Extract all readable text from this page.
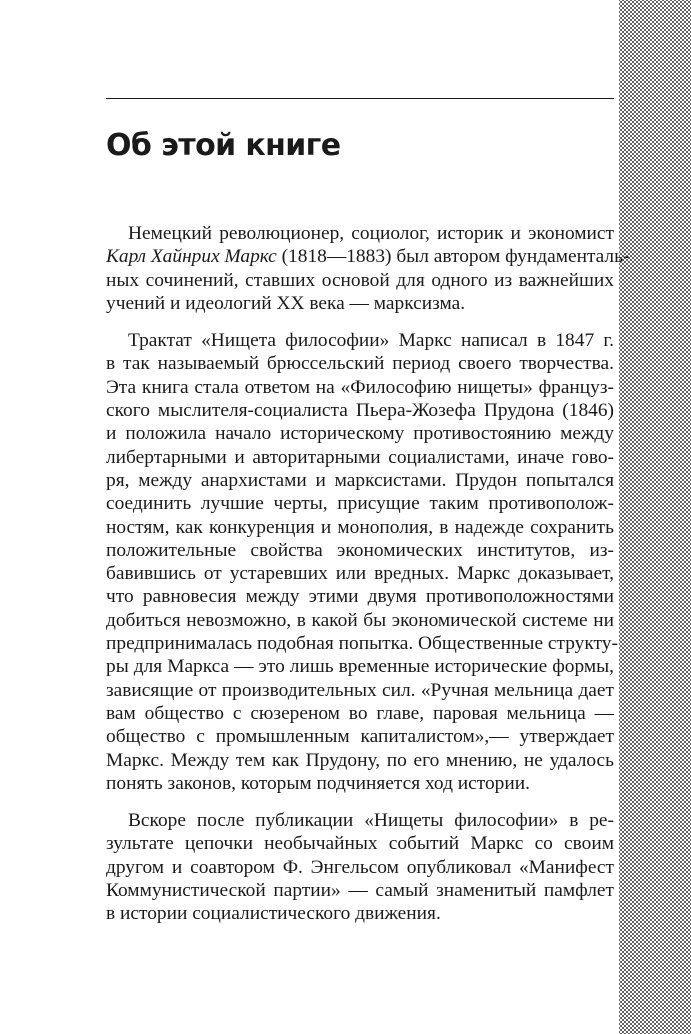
Об этой книге
Немецкий революционер, социолог, историк и экономист
Карл Хайнрих Маркс (1818—1883) был автором фундаменталь-
ных сочинений, ставших основой для одного из важнейших
учений и идеологий XX века — марксизма.
Трактат «Нищета философии» Маркс написал в 1847 г.
в так называемый брюссельский период своего творчества.
Эта книга стала ответом на «Философию нищеты» француз-
ского мыслителя-социалиста Пьера-Жозефа Прудона (1846)
и положила начало историческому противостоянию между
либертарными и авторитарными социалистами, иначе гово-
ря, между анархистами и марксистами. Прудон попытался
соединить лучшие черты, присущие таким противополож-
ностям, как конкуренция и монополия, в надежде сохранить
положительные свойства экономических институтов, из-
бавившись от устаревших или вредных. Маркс доказывает,
что равновесия между этими двумя противоположностями
добиться невозможно, в какой бы экономической системе ни
предпринималась подобная попытка. Общественные структу-
ры для Маркса — это лишь временные исторические формы,
зависящие от производительных сил. «Ручная мельница дает
вам общество с сюзереном во главе, паровая мельница —
общество с промышленным капиталистом»,— утверждает
Маркс. Между тем как Прудону, по его мнению, не удалось
понять законов, которым подчиняется ход истории.
Вскоре после публикации «Нищеты философии» в ре-
зультате цепочки необычайных событий Маркс со своим
другом и соавтором Ф. Энгельсом опубликовал «Манифест
Коммунистической партии» — самый знаменитый памфлет
в истории социалистического движения.
